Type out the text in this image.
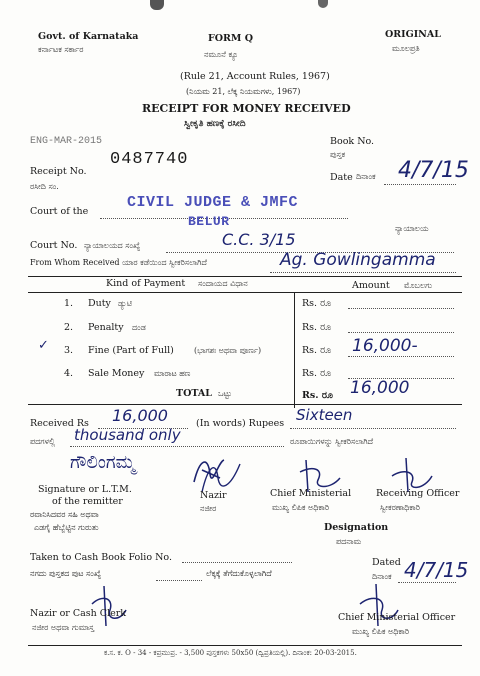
Govt. of Karnataka
ಕರ್ನಾಟಕ ಸರ್ಕಾರ
FORM Q
ನಮೂನೆ ಕ್ಯೂ
(Rule 21, Account Rules, 1967)
(ನಿಯಮ 21, ಲೆಕ್ಕ ನಿಯಮಗಳು, 1967)
RECEIPT FOR MONEY RECEIVED
ಸ್ವೀಕೃತಿ ಹಣಕ್ಕೆ ರಸೀದಿ
ORIGINAL
ಮೂಲಪ್ರತಿ
ENG-MAR-2015	Book No.
ಪುಸ್ತಕ
Receipt No.
ರಸೀದಿ ಸಂ.
0487740
Date ದಿನಾಂಕ 4/7/15
Court of the
CIVIL JUDGE & JMFC
BELUR	ನ್ಯಾಯಾಲಯ
Court No. ನ್ಯಾಯಾಲಯದ ಸಂಖ್ಯೆ	C.C. 3/15
From Whom Received ಯಾರ ಕಡೆಯಿಂದ ಸ್ವೀಕರಿಸಲಾಗಿದೆ	Ag. Gowlingamma
Kind of Payment ಸಂದಾಯದ ವಿಧಾನ	Amount ಮೊಬಲಗು
1. Duty ಡ್ಯುಟಿ	Rs. ರೂ
2. Penalty ದಂಡ	Rs. ರೂ
✓ 3. Fine (Part of Full)	(ಭಾಗಶಃ ಅಥವಾ ಪೂರ್ಣ)	Rs. ರೂ 16,000-
4. Sale Money ಮಾರಾಟ ಹಣ	Rs. ರೂ
TOTAL ಒಟ್ಟು	Rs. ರೂ 16,000
Received Rs 16,000	(In words) Rupees Sixteen
ಪದಗಳಲ್ಲಿ thousand only	ರೂಪಾಯಿಗಳನ್ನು ಸ್ವೀಕರಿಸಲಾಗಿದೆ
ಗೌಲಿಂಗಮ್ಮ
Signature or L.T.M.
of the remitter
ರವಾನಿಸಿದವರ ಸಹಿ ಅಥವಾ
ಎಡಗೈ ಹೆಬ್ಬೆಟ್ಟಿನ ಗುರುತು
Nazir
ನಜೀರ
Chief Ministerial
ಮುಖ್ಯ ಲಿಪಿಕ ಅಧಿಕಾರಿ
Receiving Officer
ಸ್ವೀಕರಣಾಧಿಕಾರಿ
Designation
ಪದನಾಮ
Taken to Cash Book Folio No.
ನಗದು ಪುಸ್ತಕದ ಪುಟ ಸಂಖ್ಯೆ	ಲೆಕ್ಕಕ್ಕೆ ತೆಗೆದುಕೊಳ್ಳಲಾಗಿದೆ
Dated
ದಿನಾಂಕ 4/7/15
Nazir or Cash Clerk
ನಜೀರ ಅಥವಾ ಗುಮಾಸ್ತ
Chief Ministerial Officer
ಮುಖ್ಯ ಲಿಪಿಕ ಅಧಿಕಾರಿ
ಕ.ಸ. ಕ. O - 34 - ಕಪ್ರಮುಪ್ರ. - 3,500 ಪುಸ್ತಕಗಳು 50x50 (ದ್ವಿಪ್ರತಿಯಲ್ಲಿ). ದಿನಾಂಕ: 20-03-2015.
